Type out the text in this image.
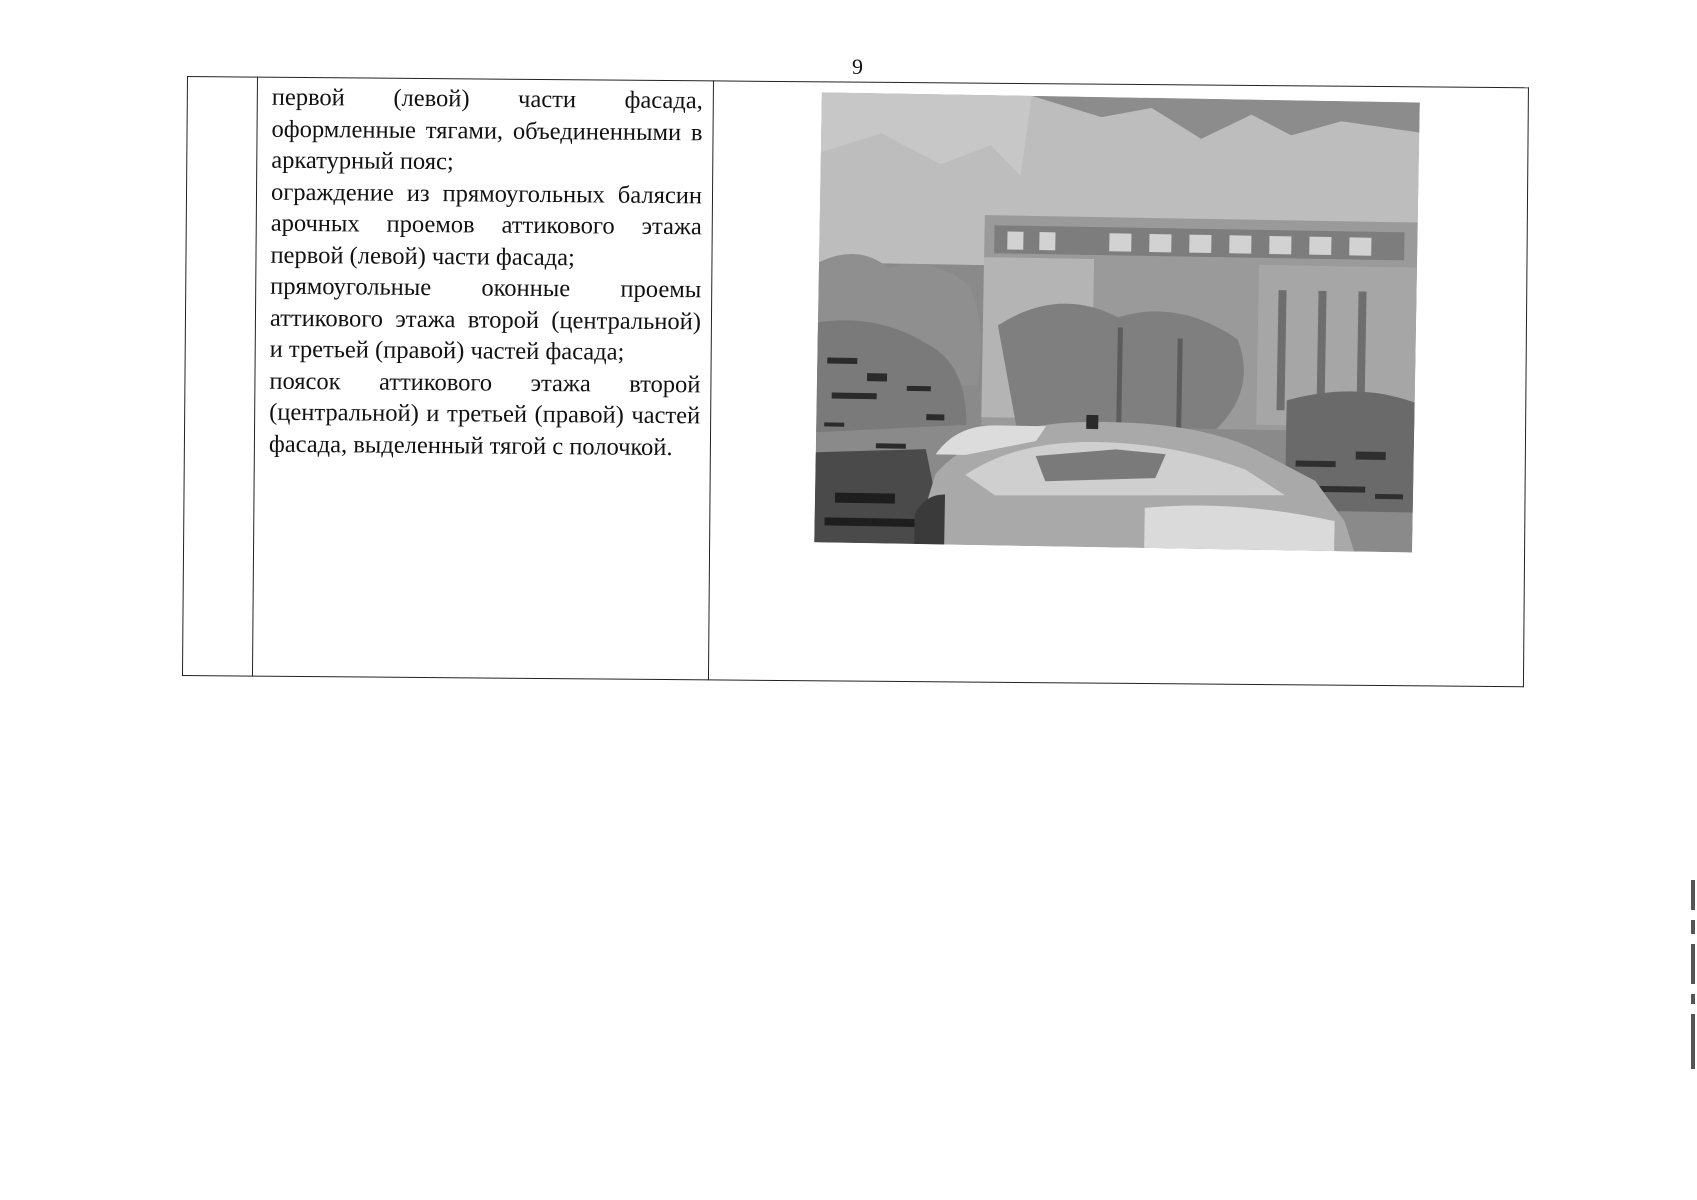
9

первой (левой) части фасада, оформленные тягами, объединенными в аркатурный пояс;

ограждение из прямоугольных балясин арочных проемов аттикового этажа первой (левой) части фасада;

прямоугольные оконные проемы аттикового этажа второй (центральной) и третьей (правой) частей фасада;

поясок аттикового этажа второй (центральной) и третьей (правой) частей фасада, выделенный тягой с полочкой.
